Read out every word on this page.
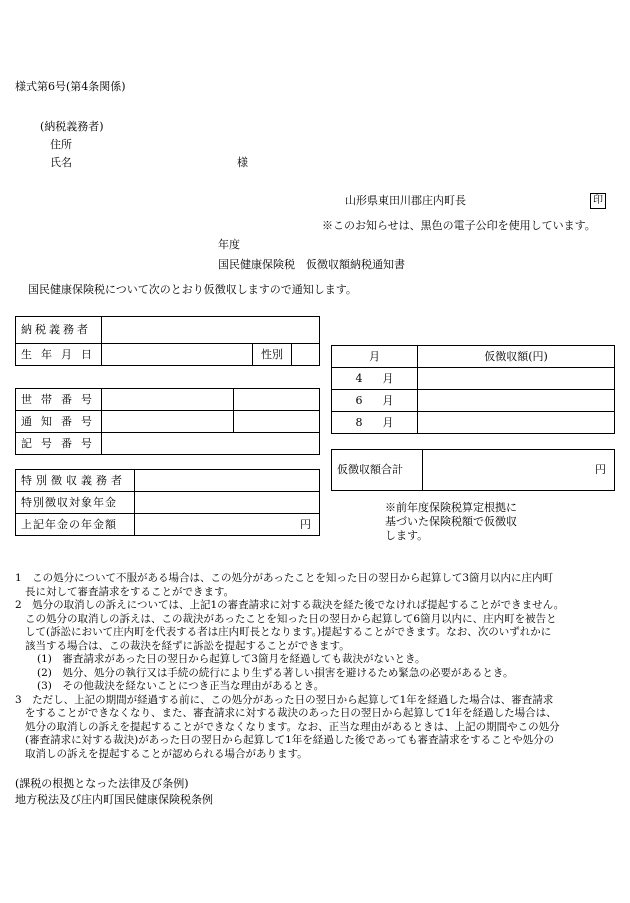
様式第6号(第4条関係)
(納税義務者)
住所
氏名	様
山形県東田川郡庄内町長	印
※このお知らせは、黒色の電子公印を使用しています。
年度
国民健康保険税　仮徴収額納税通知書
国民健康保険税について次のとおり仮徴収しますので通知します。
納税義務者			
生年月日		性別	
世帯番号		
通知番号		
記号番号		
特別徴収義務者	
特別徴収対象年金	
上記年金の年金額	円
月	仮徴収額(円)
4 月	
6 月	
8 月	
仮徴収額合計	円
※前年度保険税算定根拠に
基づいた保険税額で仮徴収
します。
1　この処分について不服がある場合は、この処分があったことを知った日の翌日から起算して3箇月以内に庄内町
長に対して審査請求をすることができます。
2　処分の取消しの訴えについては、上記1の審査請求に対する裁決を経た後でなければ提起することができません。
この処分の取消しの訴えは、この裁決があったことを知った日の翌日から起算して6箇月以内に、庄内町を被告と
して(訴訟において庄内町を代表する者は庄内町長となります。)提起することができます。なお、次のいずれかに
該当する場合は、この裁決を経ずに訴訟を提起することができます。
(1)　審査請求があった日の翌日から起算して3箇月を経過しても裁決がないとき。
(2)　処分、処分の執行又は手続の続行により生ずる著しい損害を避けるため緊急の必要があるとき。
(3)　その他裁決を経ないことにつき正当な理由があるとき。
3　ただし、上記の期間が経過する前に、この処分があった日の翌日から起算して1年を経過した場合は、審査請求
をすることができなくなり、また、審査請求に対する裁決のあった日の翌日から起算して1年を経過した場合は、
処分の取消しの訴えを提起することができなくなります。なお、正当な理由があるときは、上記の期間やこの処分
(審査請求に対する裁決)があった日の翌日から起算して1年を経過した後であっても審査請求をすることや処分の
取消しの訴えを提起することが認められる場合があります。
(課税の根拠となった法律及び条例)
地方税法及び庄内町国民健康保険税条例
